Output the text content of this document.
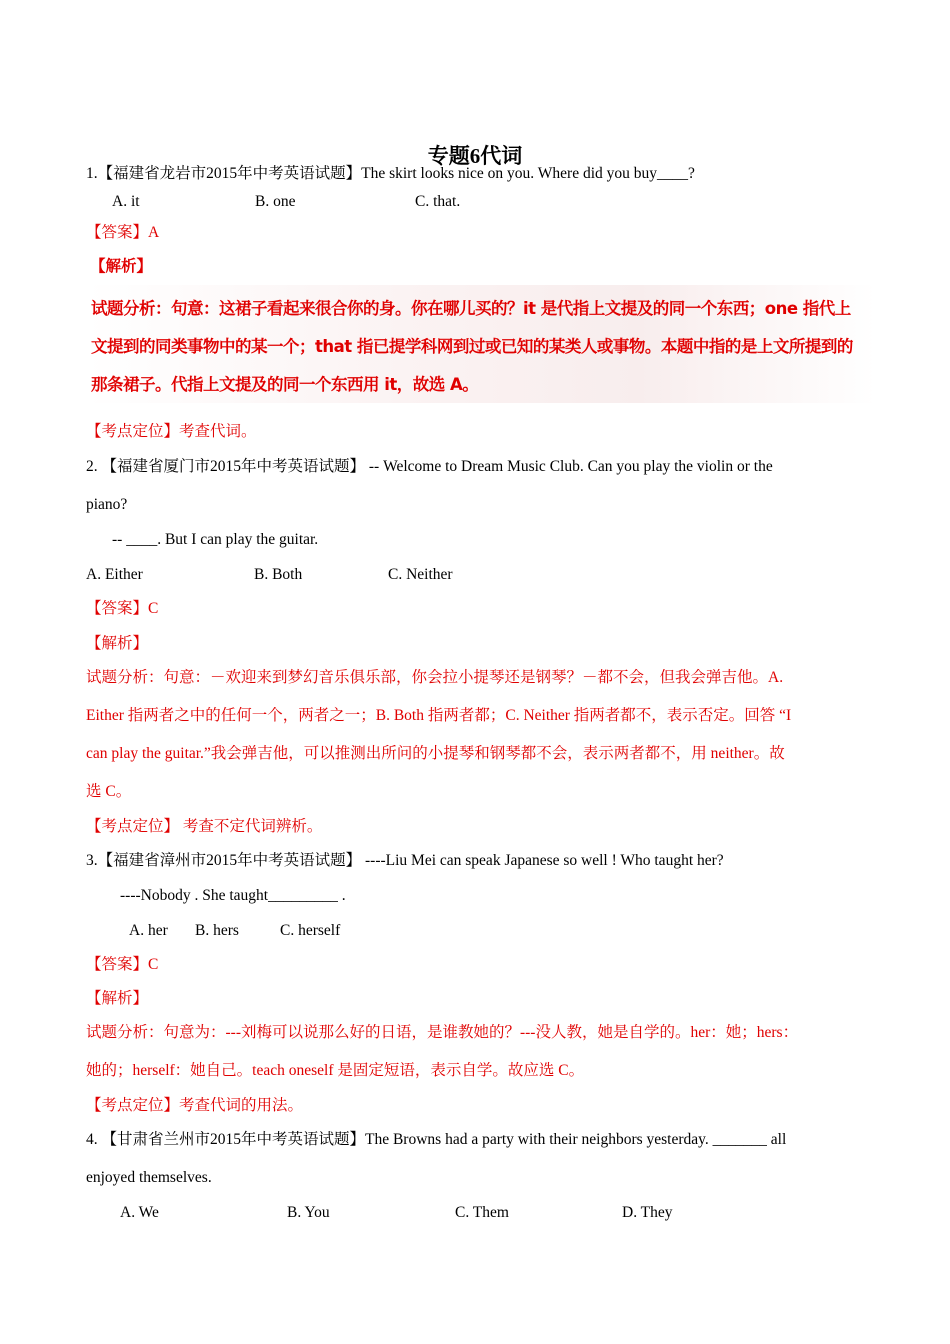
专题6代词
1.【福建省龙岩市2015年中考英语试题】The skirt looks nice on you. Where did you buy____?
A. it	B. one	C. that.
【答案】A
【解析】
试题分析：句意：这裙子看起来很合你的身。你在哪儿买的？it 是代指上文提及的同一个东西；one 指代上
文提到的同类事物中的某一个；that 指已提学科网到过或已知的某类人或事物。本题中指的是上文所提到的
那条裙子。代指上文提及的同一个东西用 it，故选 A。
【考点定位】考查代词。
2. 【福建省厦门市2015年中考英语试题】 -- Welcome to Dream Music Club. Can you play the violin or the
piano?
-- ____. But I can play the guitar.
A. Either	B. Both	C. Neither
【答案】C
【解析】
试题分析：句意：－欢迎来到梦幻音乐俱乐部，你会拉小提琴还是钢琴？－都不会，但我会弹吉他。A.
Either 指两者之中的任何一个，两者之一；B. Both 指两者都；C. Neither 指两者都不，表示否定。回答 “I
can play the guitar.”我会弹吉他，可以推测出所问的小提琴和钢琴都不会，表示两者都不，用 neither。故
选 C。
【考点定位】 考查不定代词辨析。
3.【福建省漳州市2015年中考英语试题】 ----Liu Mei can speak Japanese so well ! Who taught her?
----Nobody . She taught_________ .
A. her B. hers	C. herself
【答案】C
【解析】
试题分析：句意为：---刘梅可以说那么好的日语，是谁教她的？---没人教，她是自学的。her：她；hers：
她的；herself：她自己。teach oneself 是固定短语，表示自学。故应选 C。
【考点定位】考查代词的用法。
4. 【甘肃省兰州市2015年中考英语试题】The Browns had a party with their neighbors yesterday. _______ all
enjoyed themselves.
A. We	B. You	C. Them	D. They
